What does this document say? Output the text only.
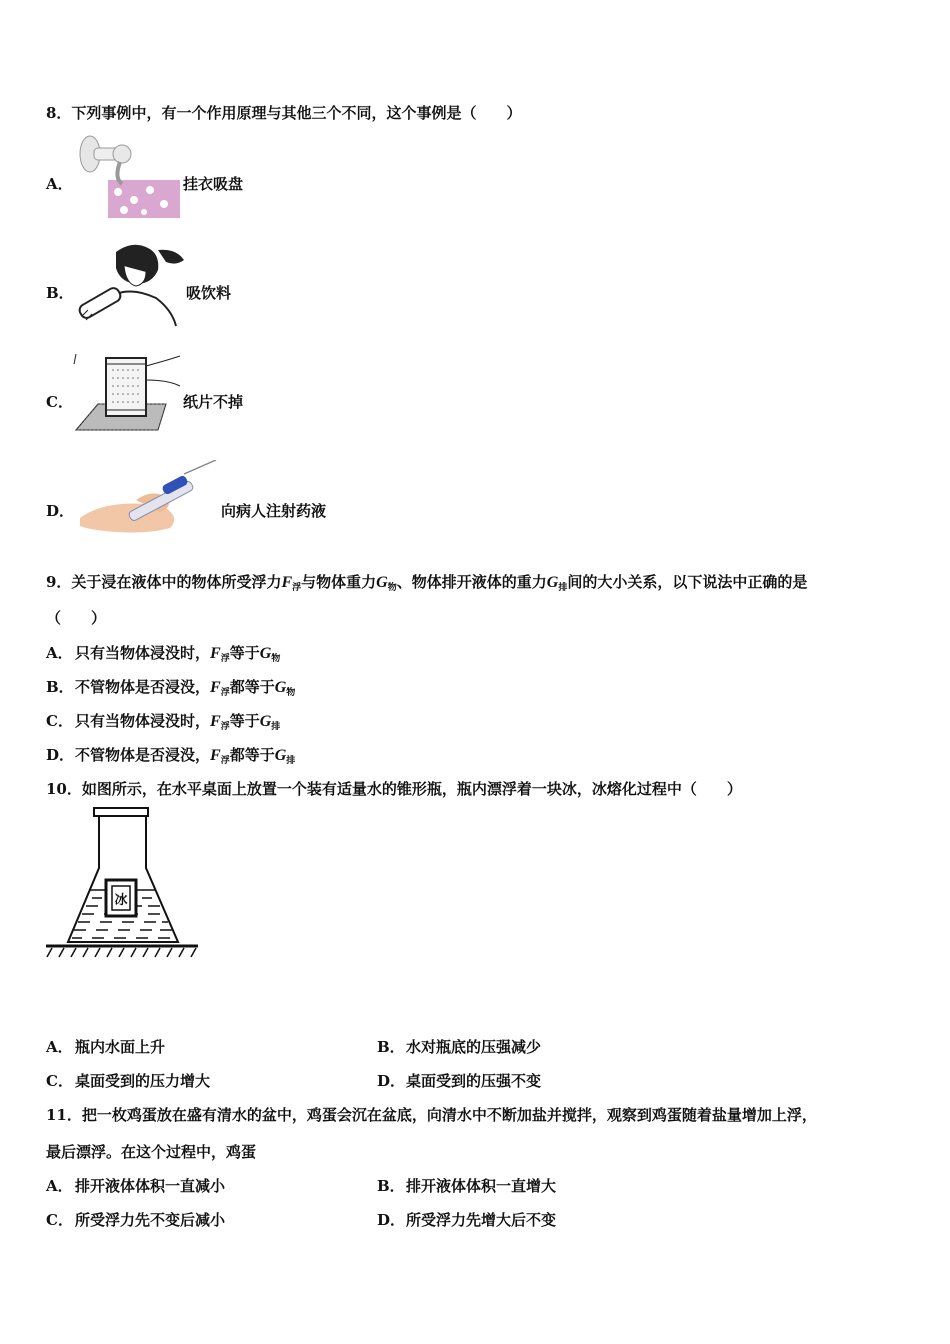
8．下列事例中，有一个作用原理与其他三个不同，这个事例是（　　）
A．	挂衣吸盘
B．	吸饮料
C．	纸片不掉
D．	向病人注射药液
9．关于浸在液体中的物体所受浮力$F_浮$与物体重力$G_物$、物体排开液体的重力$G_排$间的大小关系，以下说法中正确的是
（　　）
A． 只有当物体浸没时，$F_浮$等于$G_物$
B．不管物体是否浸没，$F_浮$都等于$G_物$
C． 只有当物体浸没时，$F_浮$等于$G_排$
D．不管物体是否浸没，$F_浮$都等于$G_排$
10．如图所示，在水平桌面上放置一个装有适量水的锥形瓶，瓶内漂浮着一块冰，冰熔化过程中（　　）
冰
A． 瓶内水面上升	B．水对瓶底的压强减少
C． 桌面受到的压力增大	D．桌面受到的压强不变
11．把一枚鸡蛋放在盛有清水的盆中，鸡蛋会沉在盆底，向清水中不断加盐并搅拌，观察到鸡蛋随着盐量增加上浮，
最后漂浮。在这个过程中，鸡蛋
A． 排开液体体积一直减小	B．排开液体体积一直增大
C． 所受浮力先不变后减小	D．所受浮力先增大后不变
